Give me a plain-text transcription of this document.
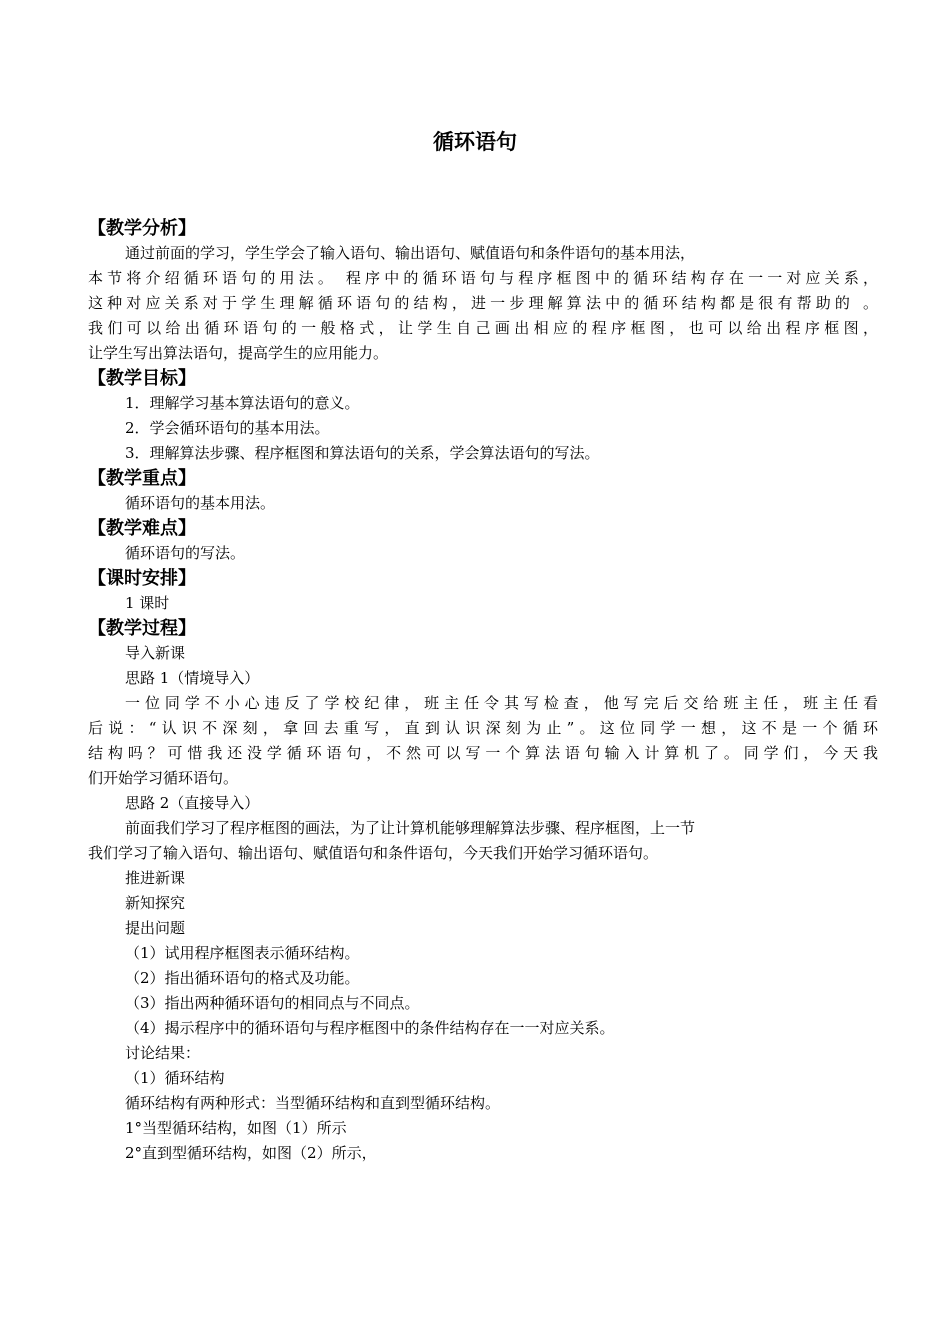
循环语句
【教学分析】
通过前面的学习，学生学会了输入语句、输出语句、赋值语句和条件语句的基本用法，
本节将介绍循环语句的用法。 程序中的循环语句与程序框图中的循环结构存在一一对应关系，
这种对应关系对于学生理解循环语句的结构，进一步理解算法中的循环结构都是很有帮助的 。
我们可以给出循环语句的一般格式，让学生自己画出相应的程序框图，也可以给出程序框图，
让学生写出算法语句，提高学生的应用能力。
【教学目标】
1．理解学习基本算法语句的意义。
2．学会循环语句的基本用法。
3．理解算法步骤、程序框图和算法语句的关系，学会算法语句的写法。
【教学重点】
循环语句的基本用法。
【教学难点】
循环语句的写法。
【课时安排】
1 课时
【教学过程】
导入新课
思路 1（情境导入）
一位同学不小心违反了学校纪律，班主任令其写检查，他写完后交给班主任，班主任看
后说：“认识不深刻，拿回去重写，直到认识深刻为止”。这位同学一想，这不是一个循环
结构吗？可惜我还没学循环语句，不然可以写一个算法语句输入计算机了。同学们，今天我
们开始学习循环语句。
思路 2（直接导入）
前面我们学习了程序框图的画法，为了让计算机能够理解算法步骤、程序框图，上一节
我们学习了输入语句、输出语句、赋值语句和条件语句，今天我们开始学习循环语句。
推进新课
新知探究
提出问题
（1）试用程序框图表示循环结构。
（2）指出循环语句的格式及功能。
（3）指出两种循环语句的相同点与不同点。
（4）揭示程序中的循环语句与程序框图中的条件结构存在一一对应关系。
讨论结果：
（1）循环结构
循环结构有两种形式：当型循环结构和直到型循环结构。
1°当型循环结构，如图（1）所示
2°直到型循环结构，如图（2）所示，
